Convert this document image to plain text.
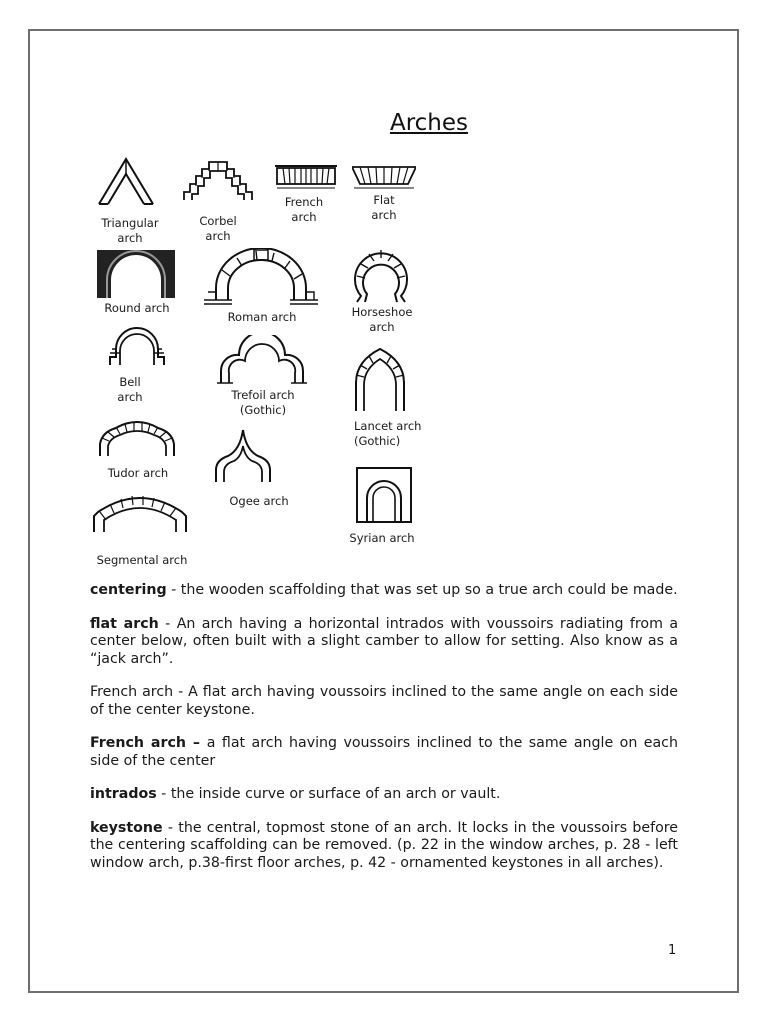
Arches
Triangular
arch
Corbel
arch
French
arch
Flat
arch
Round arch
Roman arch	Horseshoe
arch
Bell
arch	Trefoil arch
(Gothic)
Lancet arch
(Gothic)
Tudor arch
Ogee arch
Syrian arch
Segmental arch

centering - the wooden scaffolding that was set up so a true arch could be made.

flat arch - An arch having a horizontal intrados with voussoirs radiating from a center below, often built with a slight camber to allow for setting. Also know as a “jack arch”.

French arch - A flat arch having voussoirs inclined to the same angle on each side of the center keystone.

French arch – a flat arch having voussoirs inclined to the same angle on each side of the center

intrados - the inside curve or surface of an arch or vault.

keystone - the central, topmost stone of an arch. It locks in the voussoirs before the centering scaffolding can be removed. (p. 22 in the window arches, p. 28 - left window arch, p.38-first floor arches, p. 42 - ornamented keystones in all arches).

1
